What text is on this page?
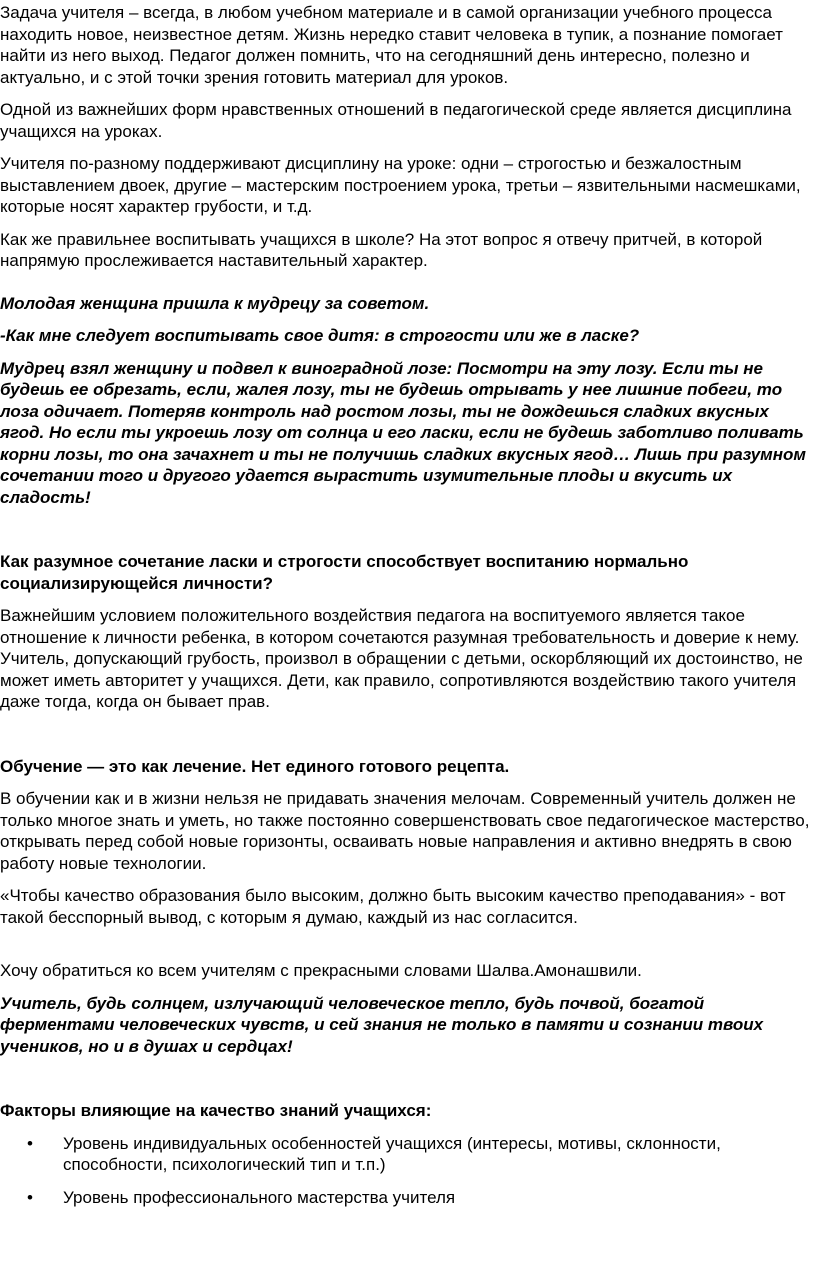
Задача учителя – всегда, в любом учебном материале и в самой организации учебного процесса находить новое, неизвестное детям. Жизнь нередко ставит человека в тупик, а познание помогает найти из него выход. Педагог должен помнить, что на сегодняшний день интересно, полезно и актуально, и с этой точки зрения готовить материал для уроков.

Одной из важнейших форм нравственных отношений в педагогической среде является дисциплина учащихся на уроках.

Учителя по-разному поддерживают дисциплину на уроке: одни – строгостью и безжалостным выставлением двоек, другие – мастерским построением урока, третьи – язвительными насмешками, которые носят характер грубости, и т.д.

Как же правильнее воспитывать учащихся в школе? На этот вопрос я отвечу притчей, в которой напрямую прослеживается наставительный характер.

Молодая женщина пришла к мудрецу за советом.

-Как мне следует воспитывать свое дитя: в строгости или же в ласке?

Мудрец взял женщину и подвел к виноградной лозе: Посмотри на эту лозу. Если ты не будешь ее обрезать, если, жалея лозу, ты не будешь отрывать у нее лишние побеги, то лоза одичает. Потеряв контроль над ростом лозы, ты не дождешься сладких вкусных ягод. Но если ты укроешь лозу от солнца и его ласки, если не будешь заботливо поливать корни лозы, то она зачахнет и ты не получишь сладких вкусных ягод… Лишь при разумном сочетании того и другого удается вырастить изумительные плоды и вкусить их сладость!

Как разумное сочетание ласки и строгости способствует воспитанию нормально социализирующейся личности?

Важнейшим условием положительного воздействия педагога на воспитуемого является такое отношение к личности ребенка, в котором сочетаются разумная требовательность и доверие к нему. Учитель, допускающий грубость, произвол в обращении с детьми, оскорбляющий их достоинство, не может иметь авторитет у учащихся. Дети, как правило, сопротивляются воздействию такого учителя даже тогда, когда он бывает прав.

Обучение — это как лечение. Нет единого готового рецепта.

В обучении как и в жизни нельзя не придавать значения мелочам. Современный учитель должен не только многое знать и уметь, но также постоянно совершенствовать свое педагогическое мастерство, открывать перед собой новые горизонты, осваивать новые направления и активно внедрять в свою работу новые технологии.

«Чтобы качество образования было высоким, должно быть высоким качество преподавания» - вот такой бесспорный вывод, с которым я думаю, каждый из нас согласится.

Хочу обратиться ко всем учителям с прекрасными словами Шалва.Амонашвили.

Учитель, будь солнцем, излучающий человеческое тепло, будь почвой, богатой ферментами человеческих чувств, и сей знания не только в памяти и сознании твоих учеников, но и в душах и сердцах!

Факторы влияющие на качество знаний учащихся:

• Уровень индивидуальных особенностей учащихся (интересы, мотивы, склонности, способности, психологический тип и т.п.)
• Уровень профессионального мастерства учителя
